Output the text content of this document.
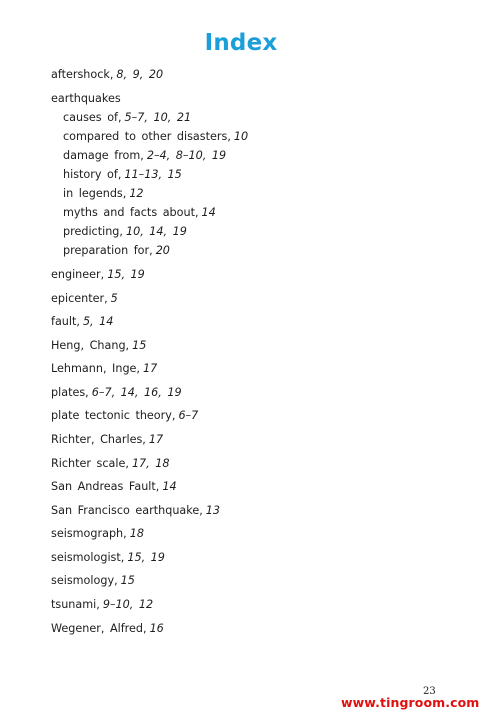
Index
aftershock, 8, 9, 20
earthquakes
causes of, 5–7, 10, 21
compared to other disasters, 10
damage from, 2–4, 8–10, 19
history of, 11–13, 15
in legends, 12
myths and facts about, 14
predicting, 10, 14, 19
preparation for, 20
engineer, 15, 19
epicenter, 5
fault, 5, 14
Heng, Chang, 15
Lehmann, Inge, 17
plates, 6–7, 14, 16, 19
plate tectonic theory, 6–7
Richter, Charles, 17
Richter scale, 17, 18
San Andreas Fault, 14
San Francisco earthquake, 13
seismograph, 18
seismologist, 15, 19
seismology, 15
tsunami, 9–10, 12
Wegener, Alfred, 16
23
www.tingroom.com
